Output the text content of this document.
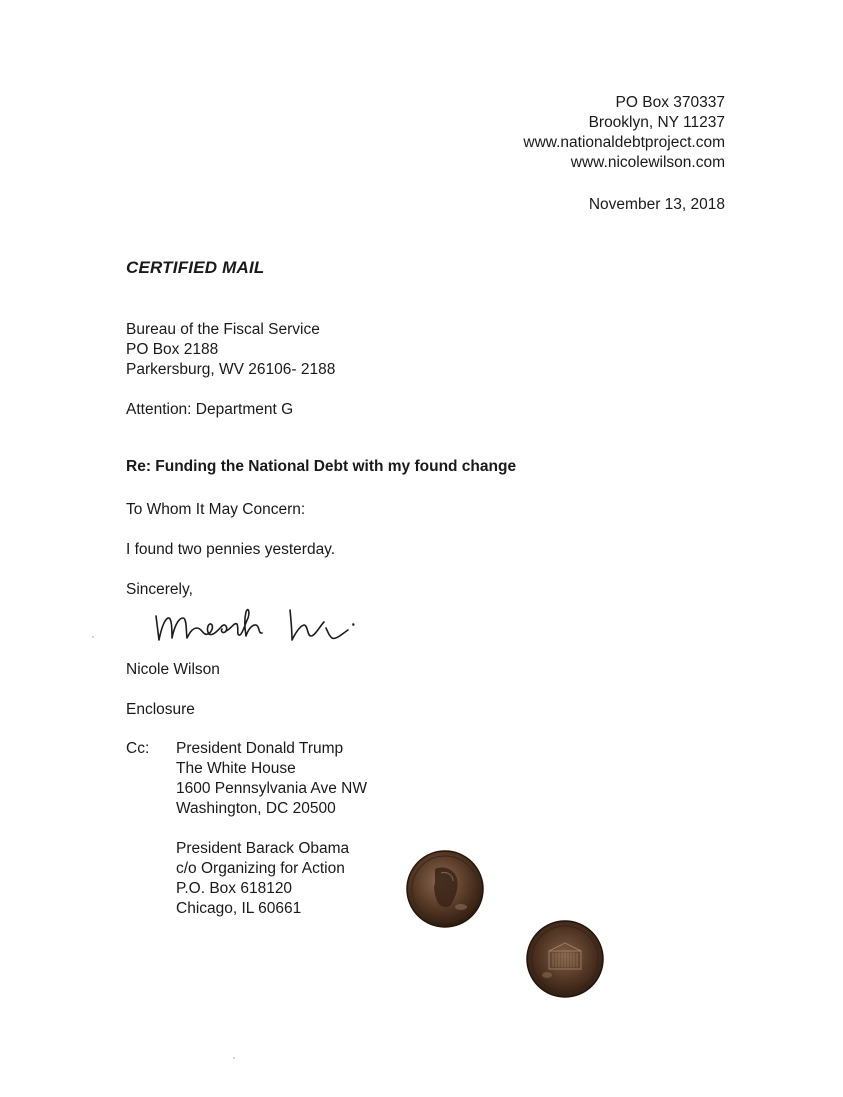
PO Box 370337
Brooklyn, NY 11237
www.nationaldebtproject.com
www.nicolewilson.com
November 13, 2018
CERTIFIED MAIL
Bureau of the Fiscal Service
PO Box 2188
Parkersburg, WV 26106- 2188
Attention: Department G
Re: Funding the National Debt with my found change
To Whom It May Concern:
I found two pennies yesterday.
Sincerely,
Nicole Wilson
Enclosure
Cc: President Donald Trump
The White House
1600 Pennsylvania Ave NW
Washington, DC 20500
President Barack Obama
c/o Organizing for Action
P.O. Box 618120
Chicago, IL 60661
